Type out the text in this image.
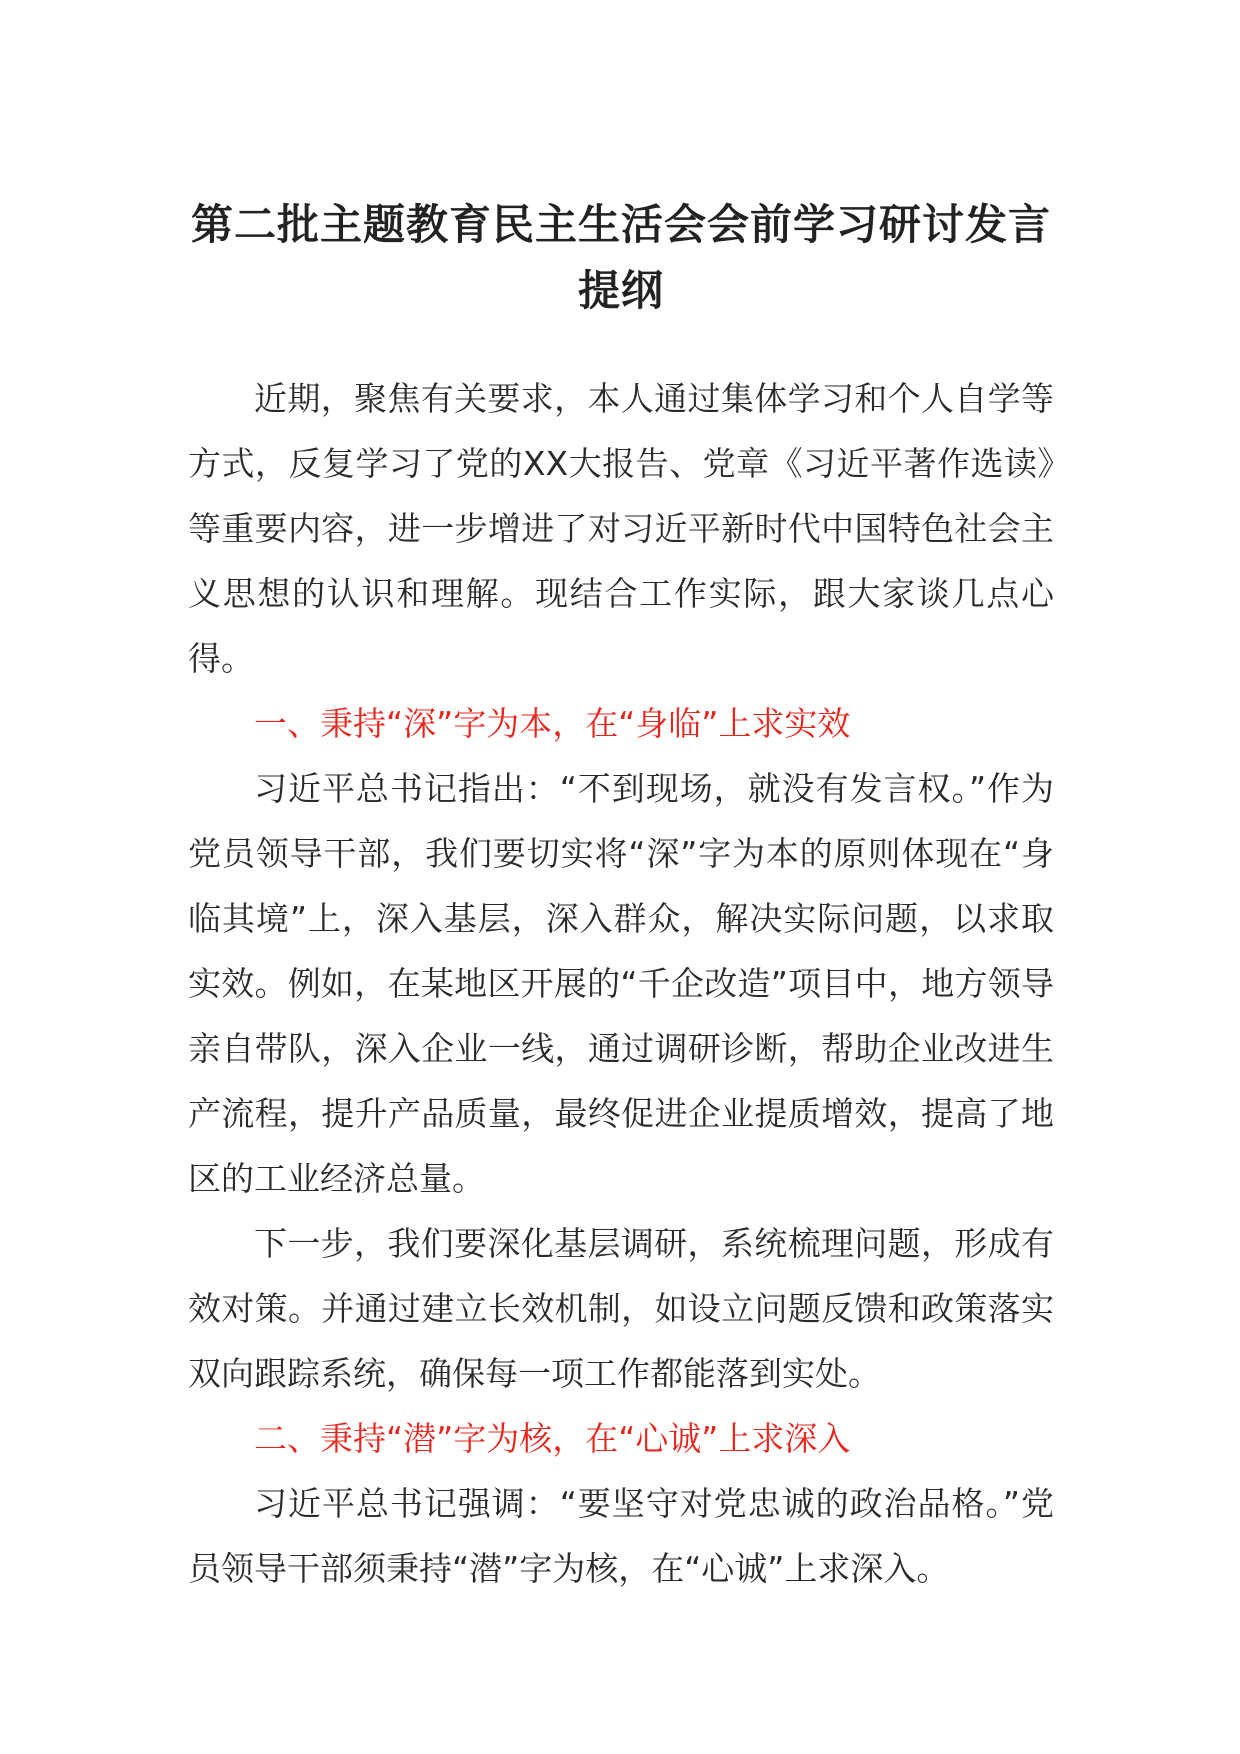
第二批主题教育民主生活会会前学习研讨发言提纲

近期，聚焦有关要求，本人通过集体学习和个人自学等方式，反复学习了党的XX大报告、党章《习近平著作选读》等重要内容，进一步增进了对习近平新时代中国特色社会主义思想的认识和理解。现结合工作实际，跟大家谈几点心得。

一、秉持“深”字为本，在“身临”上求实效

习近平总书记指出：“不到现场，就没有发言权。”作为党员领导干部，我们要切实将“深”字为本的原则体现在“身临其境”上，深入基层，深入群众，解决实际问题，以求取实效。例如，在某地区开展的“千企改造”项目中，地方领导亲自带队，深入企业一线，通过调研诊断，帮助企业改进生产流程，提升产品质量，最终促进企业提质增效，提高了地区的工业经济总量。

下一步，我们要深化基层调研，系统梳理问题，形成有效对策。并通过建立长效机制，如设立问题反馈和政策落实双向跟踪系统，确保每一项工作都能落到实处。

二、秉持“潜”字为核，在“心诚”上求深入

习近平总书记强调：“要坚守对党忠诚的政治品格。”党员领导干部须秉持“潜”字为核，在“心诚”上求深入。
